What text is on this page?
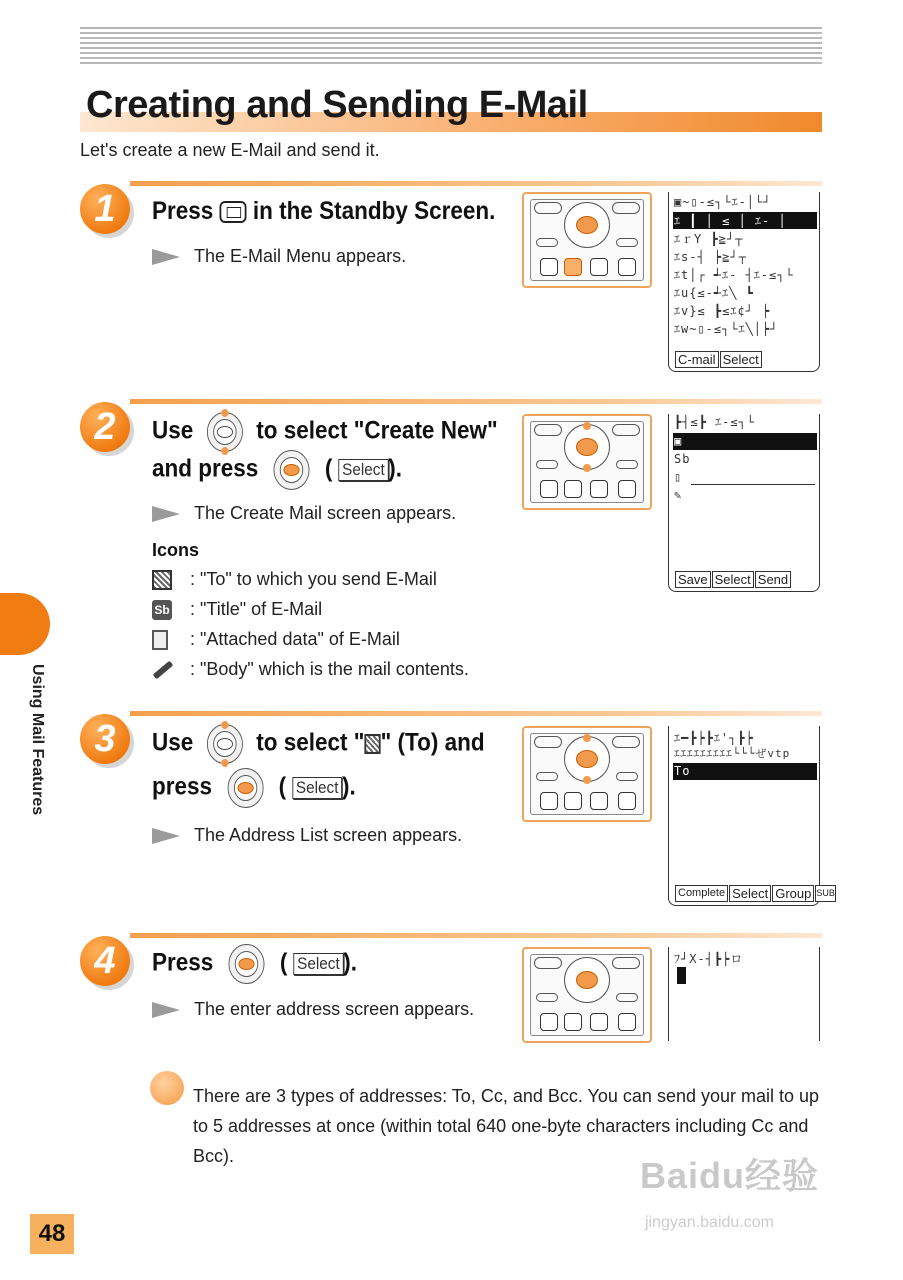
Creating and Sending E-Mail
Let's create a new E-Mail and send it.
Using Mail Features
1	Press in the Standby Screen.
The E-Mail Menu appears.
▣~▯-≤┐└ｴ-│└┘
ｴ ┃ │ ≤ │ ｴ- │
ｴｒY ┣≧┘┬
ｴs-┤ ┝≧┘┬
ｴt│┌ ┵ｴ- ┤ｴ-≤┐└
ｴu{≤-┵ｴ╲ ┗
ｴv}≤ ┣≤ｴ¢┘ ┝
ｴw~▯-≤┐└ｴ╲│┝┘
C-mail Select
2	Use	to select "Create New"
and press	( Select ).
The Create Mail screen appears.
┣┤≤┣ ｴ-≤┐└
▣
Sb
▯
✎
Save Select Send
Icons
: "To" to which you send E-Mail
Sb : "Title" of E-Mail
: "Attached data" of E-Mail
: "Body" which is the mail contents.
3	Use	to select " " (To) and
press	( Select ).
The Address List screen appears.
ｴ━┣┝┣ｴ'┐┣┝
ｴｴｴｴｴｴｴｴｴ└└└ぜvtp
To
Complete Select Group SUB
4	Press	( Select ).
The enter address screen appears.
ﾌ┘X-┤┣┝ロ
There are 3 types of addresses: To, Cc, and Bcc. You can send your mail to up to 5 addresses at once (within total 640 one-byte characters including Cc and Bcc).
48
Baidu经验
jingyan.baidu.com
